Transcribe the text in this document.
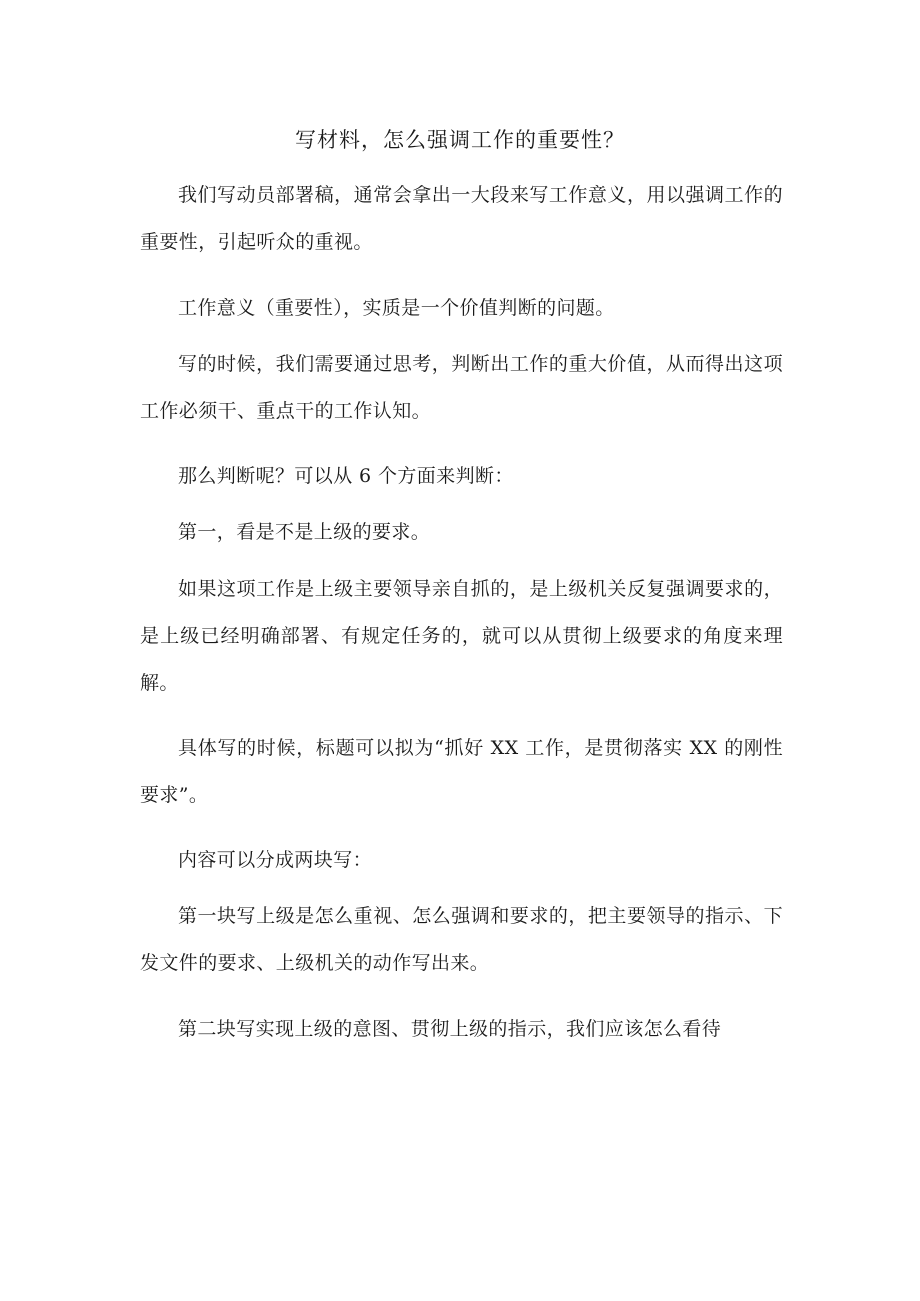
写材料，怎么强调工作的重要性？

我们写动员部署稿，通常会拿出一大段来写工作意义，用以强调工作的重要性，引起听众的重视。

工作意义（重要性），实质是一个价值判断的问题。

写的时候，我们需要通过思考，判断出工作的重大价值，从而得出这项工作必须干、重点干的工作认知。

那么判断呢？可以从 6 个方面来判断：

第一，看是不是上级的要求。

如果这项工作是上级主要领导亲自抓的，是上级机关反复强调要求的，是上级已经明确部署、有规定任务的，就可以从贯彻上级要求的角度来理解。

具体写的时候，标题可以拟为“抓好 XX 工作，是贯彻落实 XX 的刚性要求”。

内容可以分成两块写：

第一块写上级是怎么重视、怎么强调和要求的，把主要领导的指示、下发文件的要求、上级机关的动作写出来。

第二块写实现上级的意图、贯彻上级的指示，我们应该怎么看待
